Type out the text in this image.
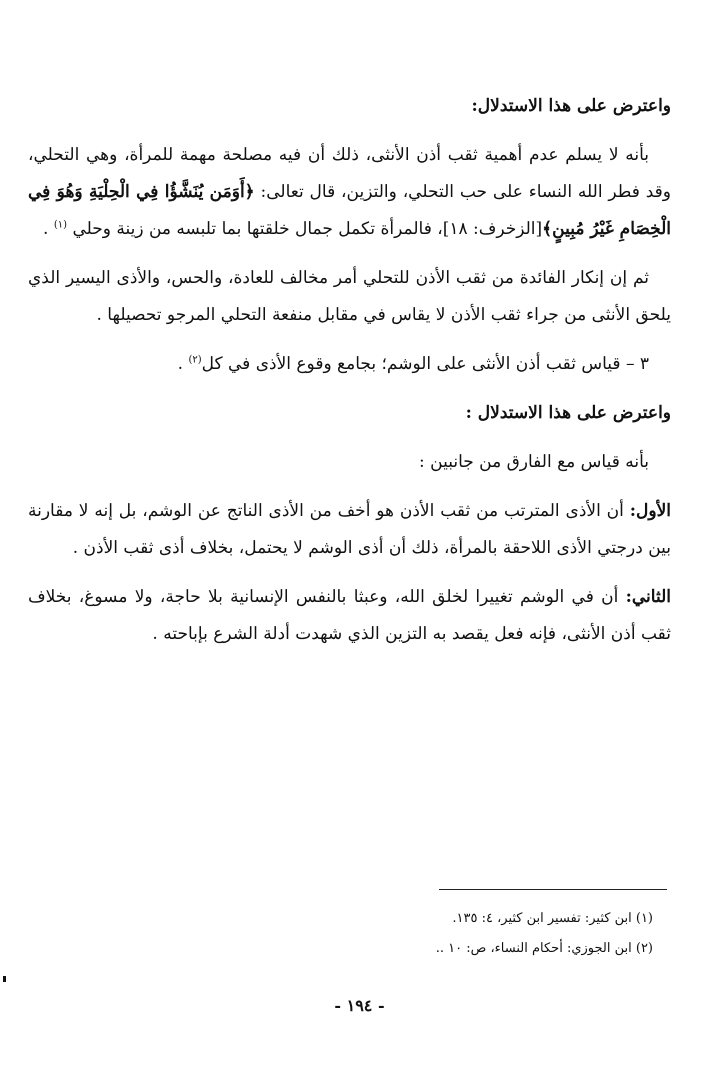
واعترض على هذا الاستدلال:

بأنه لا يسلم عدم أهمية ثقب أذن الأنثى، ذلك أن فيه مصلحة مهمة للمرأة، وهي التحلي، وقد فطر الله النساء على حب التحلي، والتزين، قال تعالى: ﴿أَوَمَن يُنَشَّؤُا فِي الْحِلْيَةِ وَهُوَ فِي الْخِصَامِ غَيْرُ مُبِينٍ﴾[الزخرف: ١٨]، فالمرأة تكمل جمال خلقتها بما تلبسه من زينة وحلي $^{(١)}$ .

ثم إن إنكار الفائدة من ثقب الأذن للتحلي أمر مخالف للعادة، والحس، والأذى اليسير الذي يلحق الأنثى من جراء ثقب الأذن لا يقاس في مقابل منفعة التحلي المرجو تحصيلها .

٣ – قياس ثقب أذن الأنثى على الوشم؛ بجامع وقوع الأذى في كل$^{(٢)}$ .

واعترض على هذا الاستدلال :

بأنه قياس مع الفارق من جانبين :

الأول: أن الأذى المترتب من ثقب الأذن هو أخف من الأذى الناتج عن الوشم، بل إنه لا مقارنة بين درجتي الأذى اللاحقة بالمرأة، ذلك أن أذى الوشم لا يحتمل، بخلاف أذى ثقب الأذن .

الثاني: أن في الوشم تغييرا لخلق الله، وعبثا بالنفس الإنسانية بلا حاجة، ولا مسوغ، بخلاف ثقب أذن الأنثى، فإنه فعل يقصد به التزين الذي شهدت أدلة الشرع بإباحته .

(١) ابن كثير: تفسير ابن كثير، ٤: ١٣٥.

(٢) ابن الجوزي: أحكام النساء، ص: ١٠ ..

- ١٩٤ -
